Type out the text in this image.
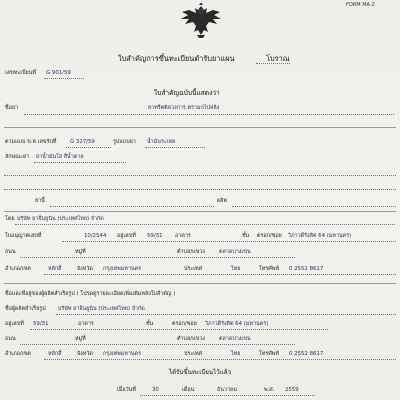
FORM MA-2
ใบสำคัญการขึ้นทะเบียนตำรับยาแผน	โบราณ
เลขทะเบียนที่ G 901/59
ใบสำคัญฉบับนี้แสดงว่า
ชื่อยา	ยาทรีตติลวงการ ตรามกไปหลิง
ตามแบบ ข.ต เลขรับที่	G 327/59	รูปแบบยา น้ำมันระเหย
ลักษณะยา ยาน้ำมันใส สีน้ำตาล
ยานี้	ผลิต
โดย บริษัท ยาจีนยูนิน (ประเทศไทย) จำกัด
ใบอนุญาตเลขที่	10/2544 อยู่เลขที่ 59/31 อาคาร	ชั้น ตรอก/ซอย วิภาวดีรังสิต 64 (มหานคร)
ถนน	หมู่ที่	ตำบล/แขวง	ตลาดบางเขน
อำเภอ/เขต	หลักสี่	จังหวัด กรุงเทพมหานคร	ประเทศ	ไทย	โทรศัพท์ 0 2552 8617
ชื่อและที่อยู่ของผู้ผลิตสำเร็จรูป ( โปรดดูรายละเอียดเพิ่มเติมหลังใบสำคัญ )
ชื่อผู้ผลิตสำเร็จรูป บริษัท ยาจีนยูนิน (ประเทศไทย) จำกัด
อยู่เลขที่ 59/31	อาคาร	ชั้น	ตรอก/ซอย วิภาวดีรังสิต 64 (มหานคร)
ถนน	หมู่ที่	ตำบล/แขวง	ตลาดบางเขน
อำเภอ/เขต	หลักสี่	จังหวัด กรุงเทพมหานคร	ประเทศ	ไทย	โทรศัพท์ 0 2552 8617
ได้รับขึ้นทะเบียนไว้แล้ว
เมื่อวันที่	30	เดือน	ธันวาคม	พ.ศ. 2559
